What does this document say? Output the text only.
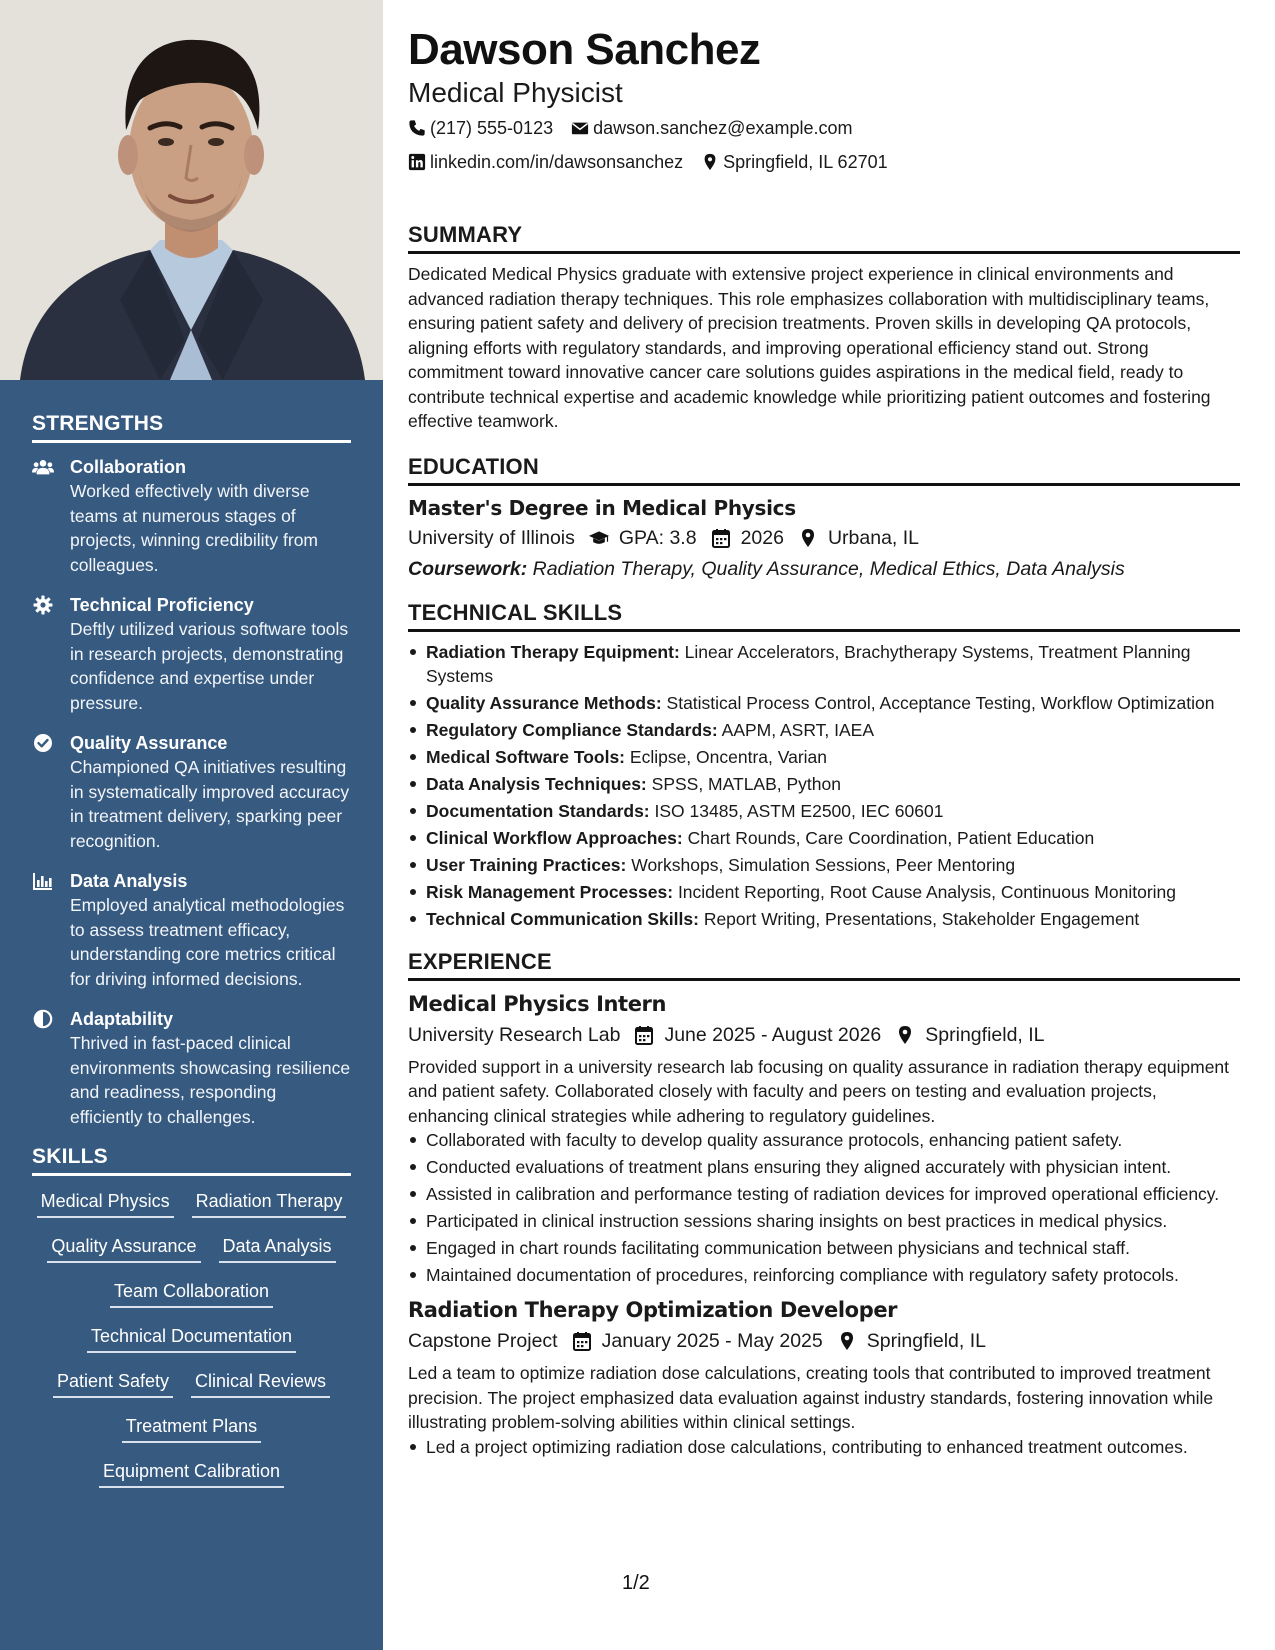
STRENGTHS
Collaboration
Worked effectively with diverse teams at numerous stages of projects, winning credibility from colleagues.
Technical Proficiency
Deftly utilized various software tools in research projects, demonstrating confidence and expertise under pressure.
Quality Assurance
Championed QA initiatives resulting in systematically improved accuracy in treatment delivery, sparking peer recognition.
Data Analysis
Employed analytical methodologies to assess treatment efficacy, understanding core metrics critical for driving informed decisions.
Adaptability
Thrived in fast-paced clinical environments showcasing resilience and readiness, responding efficiently to challenges.
SKILLS
Medical Physics Radiation Therapy
Quality Assurance Data Analysis
Team Collaboration
Technical Documentation
Patient Safety Clinical Reviews
Treatment Plans
Equipment Calibration
Dawson Sanchez
Medical Physicist
(217) 555-0123 dawson.sanchez@example.com
linkedin.com/in/dawsonsanchez Springfield, IL 62701
SUMMARY

Dedicated Medical Physics graduate with extensive project experience in clinical environments and advanced radiation therapy techniques. This role emphasizes collaboration with multidisciplinary teams, ensuring patient safety and delivery of precision treatments. Proven skills in developing QA protocols, aligning efforts with regulatory standards, and improving operational efficiency stand out. Strong commitment toward innovative cancer care solutions guides aspirations in the medical field, ready to contribute technical expertise and academic knowledge while prioritizing patient outcomes and fostering effective teamwork.

EDUCATION
Master's Degree in Medical Physics
University of Illinois GPA: 3.8 2026 Urbana, IL
Coursework: Radiation Therapy, Quality Assurance, Medical Ethics, Data Analysis
TECHNICAL SKILLS
Radiation Therapy Equipment: Linear Accelerators, Brachytherapy Systems, Treatment Planning Systems
Quality Assurance Methods: Statistical Process Control, Acceptance Testing, Workflow Optimization
Regulatory Compliance Standards: AAPM, ASRT, IAEA
Medical Software Tools: Eclipse, Oncentra, Varian
Data Analysis Techniques: SPSS, MATLAB, Python
Documentation Standards: ISO 13485, ASTM E2500, IEC 60601
Clinical Workflow Approaches: Chart Rounds, Care Coordination, Patient Education
User Training Practices: Workshops, Simulation Sessions, Peer Mentoring
Risk Management Processes: Incident Reporting, Root Cause Analysis, Continuous Monitoring
Technical Communication Skills: Report Writing, Presentations, Stakeholder Engagement
EXPERIENCE
Medical Physics Intern
University Research Lab June 2025 - August 2026 Springfield, IL

Provided support in a university research lab focusing on quality assurance in radiation therapy equipment and patient safety. Collaborated closely with faculty and peers on testing and evaluation projects, enhancing clinical strategies while adhering to regulatory guidelines.

Collaborated with faculty to develop quality assurance protocols, enhancing patient safety.
Conducted evaluations of treatment plans ensuring they aligned accurately with physician intent.
Assisted in calibration and performance testing of radiation devices for improved operational efficiency.
Participated in clinical instruction sessions sharing insights on best practices in medical physics.
Engaged in chart rounds facilitating communication between physicians and technical staff.
Maintained documentation of procedures, reinforcing compliance with regulatory safety protocols.
Radiation Therapy Optimization Developer
Capstone Project January 2025 - May 2025 Springfield, IL

Led a team to optimize radiation dose calculations, creating tools that contributed to improved treatment precision. The project emphasized data evaluation against industry standards, fostering innovation while illustrating problem-solving abilities within clinical settings.

Led a project optimizing radiation dose calculations, contributing to enhanced treatment outcomes.
1/2
